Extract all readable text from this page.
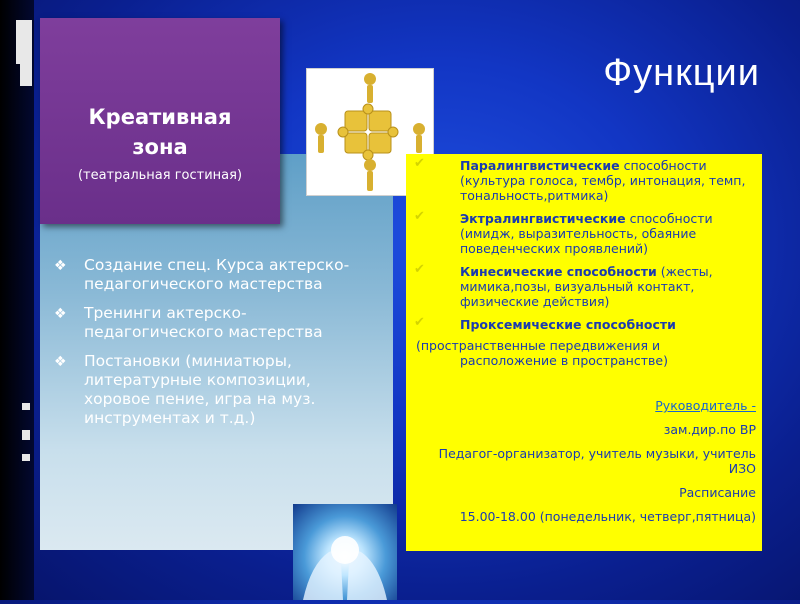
Функции
❖ Создание спец. Курса актерско-педагогического мастерства
❖ Тренинги актерско-педагогического мастерства
❖ Постановки (миниатюры, литературные композиции, хоровое пение, игра на муз. инструментах и т.д.)
Креативная
зона
(театральная гостиная)
✔	Паралингвистические способности (культура голоса, тембр, интонация, темп, тональность,ритмика)
✔	Эктралингвистические способности (имидж, выразительность, обаяние поведенческих проявлений)
✔	Кинесические способности (жесты, мимика,позы, визуальный контакт, физические действия)
✔	Проксемические способности
(пространственные передвижения и
расположение в пространстве)
Руководитель -
зам.дир.по ВР
Педагог-организатор, учитель музыки, учитель ИЗО
Расписание
15.00-18.00 (понедельник, четверг,пятница)
